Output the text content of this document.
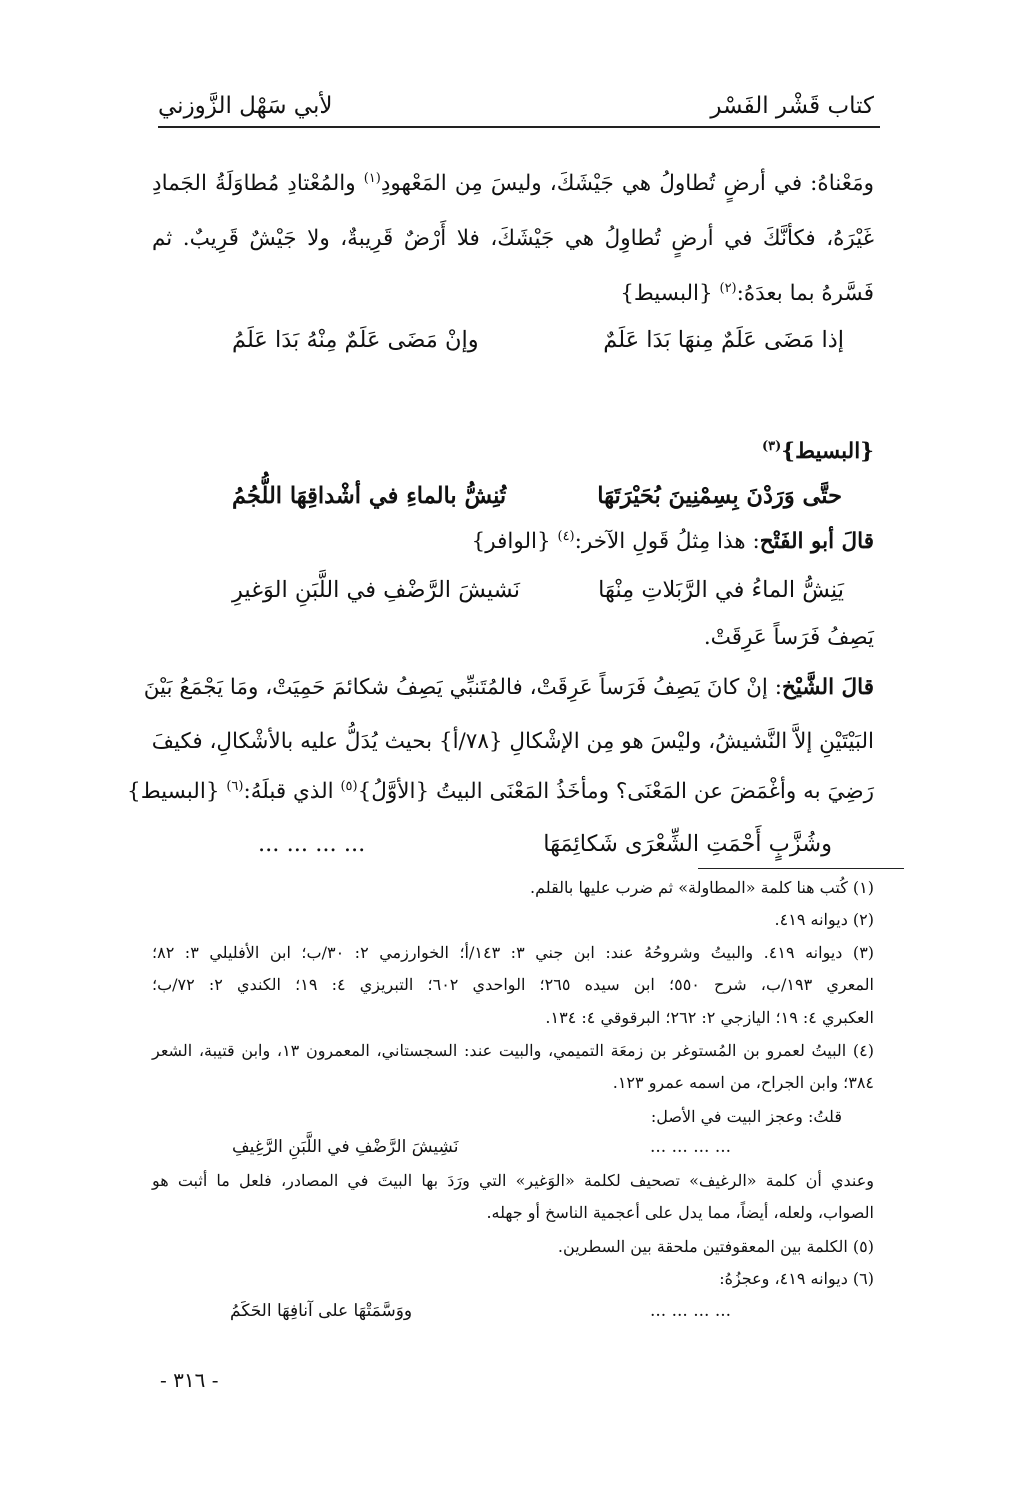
كتاب قَشْر الفَسْر
لأبي سَهْل الزَّوزني
ومَعْناهُ: في أرضٍ تُطاولُ هي جَيْشَكَ، وليسَ مِن المَعْهودِ$^{(١)}$ والمُعْتادِ مُطاوَلَةُ الجَمادِ
غَيْرَهُ، فكأنَّكَ في أرضٍ تُطاوِلُ هي جَيْشَكَ، فلا أَرْضٌ قَرِيبةٌ، ولا جَيْشٌ قَرِيبٌ. ثم
فَسَّرهُ بما بعدَهُ:$^{(٢)}$ {البسيط}
إذا مَضَى عَلَمٌ مِنهَا بَدَا عَلَمٌ
وإنْ مَضَى عَلَمٌ مِنْهُ بَدَا عَلَمُ
{البسيط}$^{(٣)}$
حتَّى وَرَدْنَ بِسِمْنِينَ بُحَيْرَتَهَا
تُنِشُّ بالماءِ في أشْداقِهَا اللُّجُمُ
قالَ أبو الفَتْح: هذا مِثلُ قَولِ الآخر:$^{(٤)}$ {الوافر}
يَنِشُّ الماءُ في الرَّبَلاتِ مِنْهَا
نَشيشَ الرَّضْفِ في اللَّبَنِ الوَغيرِ
يَصِفُ فَرَساً عَرِقَتْ.
قالَ الشَّيْخ: إنْ كانَ يَصِفُ فَرَساً عَرِقَتْ، فالمُتَنبِّي يَصِفُ شكائمَ حَمِيَتْ، ومَا يَجْمَعُ بَيْنَ
البَيْتَيْنِ إلاَّ النَّشيشُ، وليْسَ هو مِن الإشْكالِ {٧٨/أ} بحيث يُدَلُّ عليه بالأشْكالِ، فكيفَ
رَضِيَ به وأغْمَضَ عن المَعْنَى؟ ومأخَذُ المَعْنَى البيتُ {الأوَّلُ}$^{(٥)}$ الذي قبلَهُ:$^{(٦)}$ {البسيط}
وشُزَّبٍ أَحْمَتِ الشِّعْرَى شَكائِمَهَا
... ... ... ...
(١) كُتب هنا كلمة «المطاولة» ثم ضرب عليها بالقلم.
(٢) ديوانه ٤١٩.
(٣) ديوانه ٤١٩. والبيتُ وشروحُهُ عند: ابن جني ٣: ١٤٣/أ؛ الخوارزمي ٢: ٣٠/ب؛ ابن الأفليلي ٣: ٨٢؛
المعري ١٩٣/ب، شرح ٥٥٠؛ ابن سيده ٢٦٥؛ الواحدي ٦٠٢؛ التبريزي ٤: ١٩؛ الكندي ٢: ٧٢/ب؛
العكبري ٤: ١٩؛ اليازجي ٢: ٢٦٢؛ البرقوقي ٤: ١٣٤.
(٤) البيتُ لعمرو بن المُستوغر بن زمعَة التميمي، والبيت عند: السجستاني، المعمرون ١٣، وابن قتيبة، الشعر
٣٨٤؛ وابن الجراح، من اسمه عمرو ١٢٣.
قلتُ: وعجز البيت في الأصل:
... ... ... ...
نَشِيشَ الرَّضْفِ في اللَّبَنِ الرَّغِيفِ
وعندي أن كلمة «الرغيف» تصحيف لكلمة «الوَغير» التي ورَدَ بها البيتَ في المصادر، فلعل ما أثبت هو
الصواب، ولعله، أيضاً، مما يدل على أعجمية الناسخ أو جهله.
(٥) الكلمة بين المعقوفتين ملحقة بين السطرين.
(٦) ديوانه ٤١٩، وعجزُهُ:
... ... ... ...
ووَسَّمَتْهَا على آنافِهَا الحَكَمُ
- ٣١٦ -
